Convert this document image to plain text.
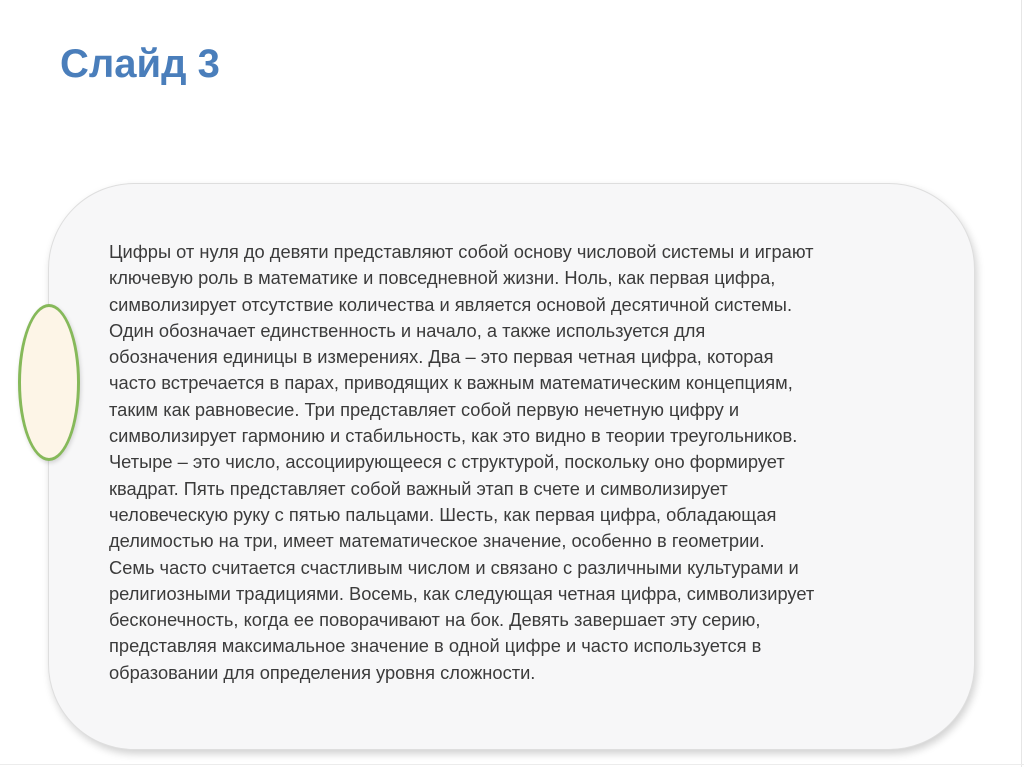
Слайд 3

Цифры от нуля до девяти представляют собой основу числовой системы и играют
ключевую роль в математике и повседневной жизни. Ноль, как первая цифра,
символизирует отсутствие количества и является основой десятичной системы.
Один обозначает единственность и начало, а также используется для
обозначения единицы в измерениях. Два – это первая четная цифра, которая
часто встречается в парах, приводящих к важным математическим концепциям,
таким как равновесие. Три представляет собой первую нечетную цифру и
символизирует гармонию и стабильность, как это видно в теории треугольников.
Четыре – это число, ассоциирующееся с структурой, поскольку оно формирует
квадрат. Пять представляет собой важный этап в счете и символизирует
человеческую руку с пятью пальцами. Шесть, как первая цифра, обладающая
делимостью на три, имеет математическое значение, особенно в геометрии.
Семь часто считается счастливым числом и связано с различными культурами и
религиозными традициями. Восемь, как следующая четная цифра, символизирует
бесконечность, когда ее поворачивают на бок. Девять завершает эту серию,
представляя максимальное значение в одной цифре и часто используется в
образовании для определения уровня сложности.
